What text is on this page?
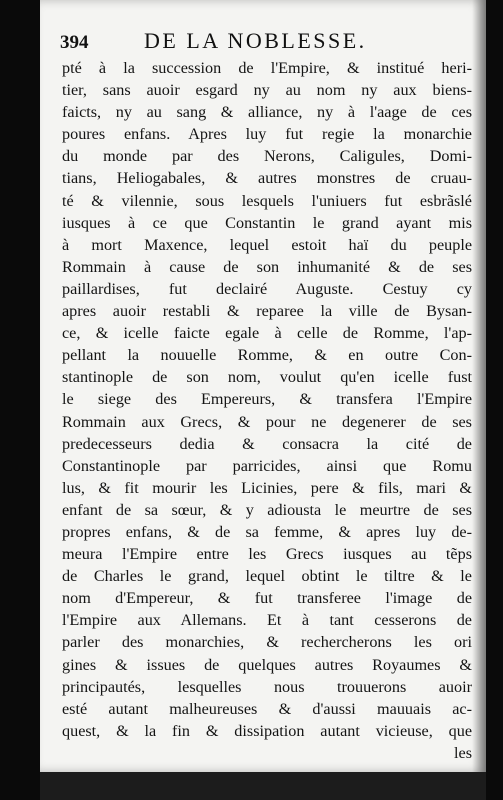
394	DE LA NOBLESSE.
pté à la succession de l'Empire, & institué heri-
tier, sans auoir esgard ny au nom ny aux biens-
faicts, ny au sang & alliance, ny à l'aage de ces
poures enfans. Apres luy fut regie la monarchie
du monde par des Nerons, Caligules, Domi-
tians, Heliogabales, & autres monstres de cruau-
té & vilennie, sous lesquels l'uniuers fut esbrãslé
iusques à ce que Constantin le grand ayant mis
à mort Maxence, lequel estoit haï du peuple
Rommain à cause de son inhumanité & de ses
paillardises, fut declairé Auguste. Cestuy cy
apres auoir restabli & reparee la ville de Bysan-
ce, & icelle faicte egale à celle de Romme, l'ap-
pellant la nouuelle Romme, & en outre Con-
stantinople de son nom, voulut qu'en icelle fust
le siege des Empereurs, & transfera l'Empire
Rommain aux Grecs, & pour ne degenerer de ses
predecesseurs dedia & consacra la cité de
Constantinople par parricides, ainsi que Romu
lus, & fit mourir les Licinies, pere & fils, mari &
enfant de sa sœur, & y adiousta le meurtre de ses
propres enfans, & de sa femme, & apres luy de-
meura l'Empire entre les Grecs iusques au tẽps
de Charles le grand, lequel obtint le tiltre & le
nom d'Empereur, & fut transferee l'image de
l'Empire aux Allemans. Et à tant cesserons de
parler des monarchies, & rechercherons les ori
gines & issues de quelques autres Royaumes &
principautés, lesquelles nous trouuerons auoir
esté autant malheureuses & d'aussi mauuais ac-
quest, & la fin & dissipation autant vicieuse, que
les
